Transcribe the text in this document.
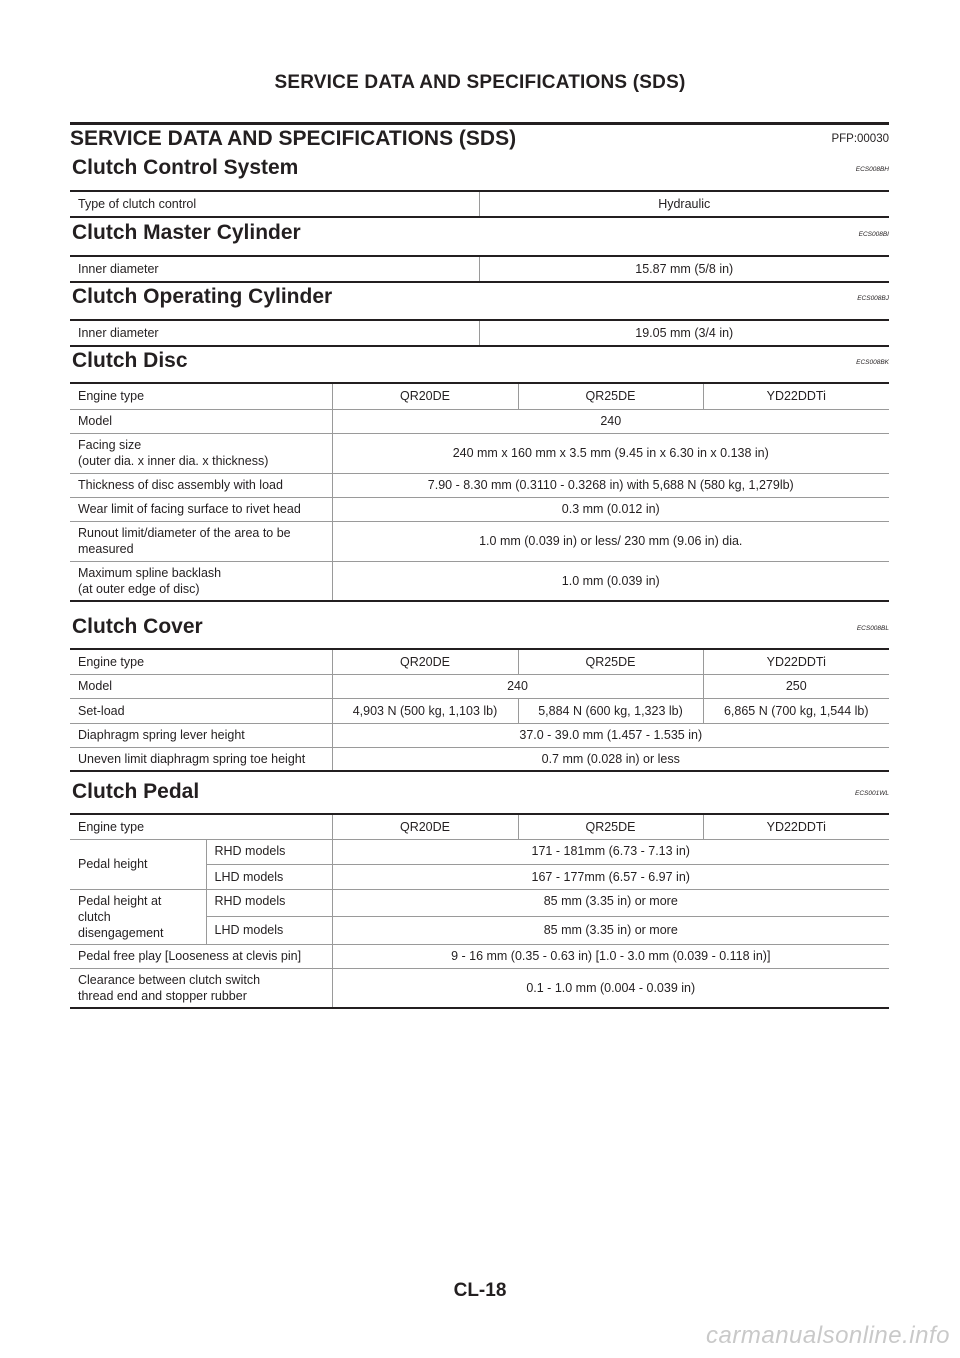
SERVICE DATA AND SPECIFICATIONS (SDS)
SERVICE DATA AND SPECIFICATIONS (SDS)	PFP:00030
Clutch Control System	ECS008BH
Type of clutch control	Hydraulic
Clutch Master Cylinder	ECS008BI
Inner diameter	15.87 mm (5/8 in)
Clutch Operating Cylinder	ECS008BJ
Inner diameter	19.05 mm (3/4 in)
Clutch Disc	ECS008BK
Engine type	QR20DE	QR25DE	YD22DDTi
Model	240		
Facing size
(outer dia. x inner dia. x thickness)	240 mm x 160 mm x 3.5 mm (9.45 in x 6.30 in x 0.138 in)		
Thickness of disc assembly with load	7.90 - 8.30 mm (0.3110 - 0.3268 in) with 5,688 N (580 kg, 1,279lb)		
Wear limit of facing surface to rivet head	0.3 mm (0.012 in)		
Runout limit/diameter of the area to be
measured	1.0 mm (0.039 in) or less/ 230 mm (9.06 in) dia.		
Maximum spline backlash
(at outer edge of disc)	1.0 mm (0.039 in)		
Clutch Cover	ECS008BL
Engine type	QR20DE	QR25DE	YD22DDTi
Model	240		250
Set-load	4,903 N (500 kg, 1,103 lb)	5,884 N (600 kg, 1,323 lb)	6,865 N (700 kg, 1,544 lb)
Diaphragm spring lever height	37.0 - 39.0 mm (1.457 - 1.535 in)		
Uneven limit diaphragm spring toe height	0.7 mm (0.028 in) or less		
Clutch Pedal	ECS001WL
Engine type		QR20DE	QR25DE	YD22DDTi
Pedal height	RHD models	171 - 181mm (6.73 - 7.13 in)		
	LHD models	167 - 177mm (6.57 - 6.97 in)		
Pedal height at
clutch disengagement	RHD models	85 mm (3.35 in) or more		
	LHD models	85 mm (3.35 in) or more		
Pedal free play [Looseness at clevis pin]		9 - 16 mm (0.35 - 0.63 in) [1.0 - 3.0 mm (0.039 - 0.118 in)]		
Clearance between clutch switch
thread end and stopper rubber		0.1 - 1.0 mm (0.004 - 0.039 in)		
CL-18
carmanualsonline.info
